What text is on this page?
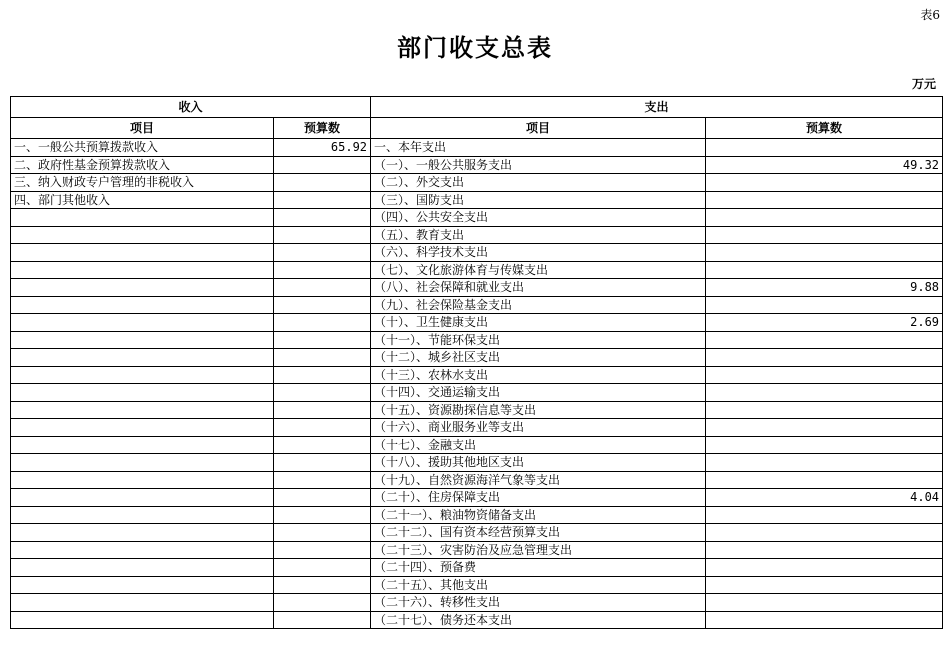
表6
部门收支总表
万元
收入		支出	
项目	预算数	项目	预算数
一、一般公共预算拨款收入	65.92	一、本年支出	
二、政府性基金预算拨款收入		（一）、一般公共服务支出	49.32
三、纳入财政专户管理的非税收入		（二）、外交支出	
四、部门其他收入		（三）、国防支出	
		（四）、公共安全支出	
		（五）、教育支出	
		（六）、科学技术支出	
		（七）、文化旅游体育与传媒支出	
		（八）、社会保障和就业支出	9.88
		（九）、社会保险基金支出	
		（十）、卫生健康支出	2.69
		（十一）、节能环保支出	
		（十二）、城乡社区支出	
		（十三）、农林水支出	
		（十四）、交通运输支出	
		（十五）、资源勘探信息等支出	
		（十六）、商业服务业等支出	
		（十七）、金融支出	
		（十八）、援助其他地区支出	
		（十九）、自然资源海洋气象等支出	
		（二十）、住房保障支出	4.04
		（二十一）、粮油物资储备支出	
		（二十二）、国有资本经营预算支出	
		（二十三）、灾害防治及应急管理支出	
		（二十四）、预备费	
		（二十五）、其他支出	
		（二十六）、转移性支出	
		（二十七）、债务还本支出	
